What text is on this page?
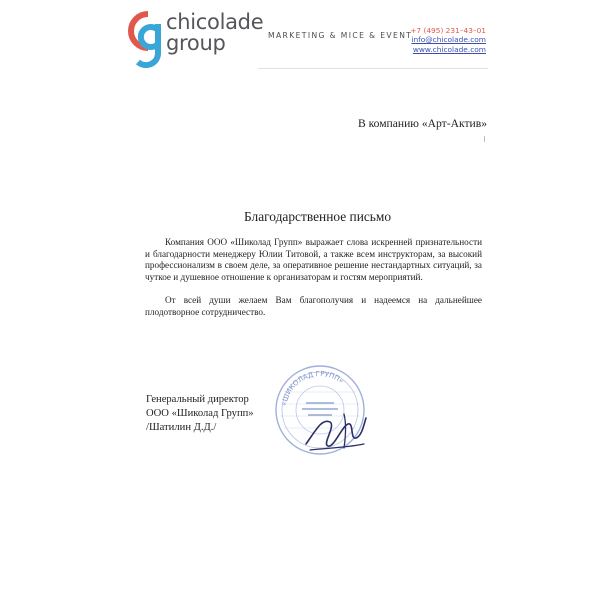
chicolade
group	MARKETING & MICE & EVENT
+7 (495) 231–43–01
info@chicolade.com
www.chicolade.com
В компанию «Арт-Актив»
Благодарственное письмо
Компания ООО «Шиколад Групп» выражает слова искренней признательности и благодарности менеджеру Юлии Титовой, а также всем инструкторам, за высокий профессионализм в своем деле, за оперативное решение нестандартных ситуаций, за чуткое и душевное отношение к организаторам и гостям мероприятий.
От всей души желаем Вам благополучия и надеемся на дальнейшее плодотворное сотрудничество.
Генеральный директор
ООО «Шиколад Групп»
/Шатилин Д.Д./
«ШИКОЛАД ГРУПП»
